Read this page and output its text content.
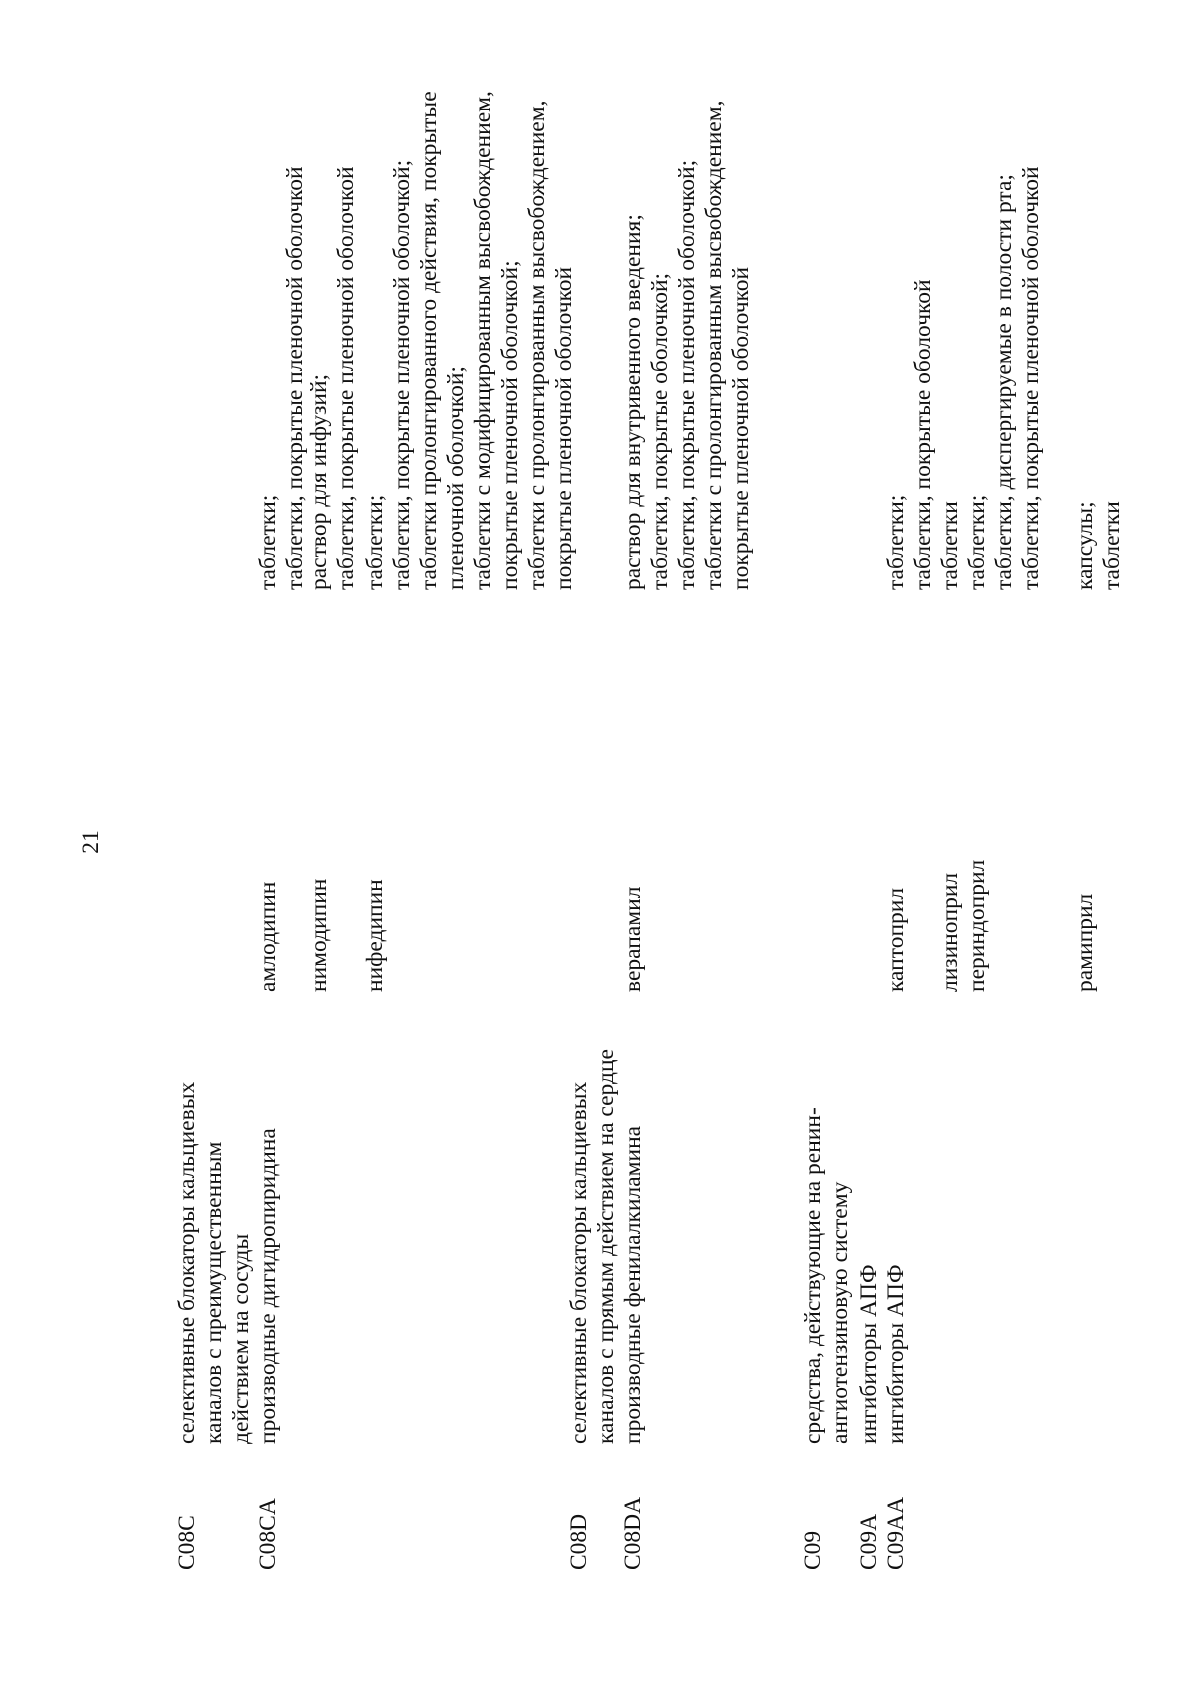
21
C08C
селективные блокаторы кальциевых каналов с преимущественным действием на сосуды
C08CA
производные дигидропиридина
амлодипин
таблетки; таблетки, покрытые пленочной оболочкой
нимодипин
раствор для инфузий; таблетки, покрытые пленочной оболочкой
нифедипин
таблетки; таблетки, покрытые пленочной оболочкой; таблетки пролонгированного действия, покрытые пленочной оболочкой; таблетки с модифицированным высвобождением, покрытые пленочной оболочкой; таблетки с пролонгированным высвобождением, покрытые пленочной оболочкой
C08D
селективные блокаторы кальциевых каналов с прямым действием на сердце
C08DA
производные фенилалкиламина
верапамил
раствор для внутривенного введения; таблетки, покрытые оболочкой; таблетки, покрытые пленочной оболочкой; таблетки с пролонгированным высвобождением, покрытые пленочной оболочкой
C09
средства, действующие на ренин- ангиотензиновую систему
C09A
ингибиторы АПФ
C09AA
ингибиторы АПФ
каптоприл
таблетки; таблетки, покрытые оболочкой
лизиноприл
таблетки
периндоприл
таблетки; таблетки, диспергируемые в полости рта; таблетки, покрытые пленочной оболочкой
рамиприл
капсулы; таблетки
